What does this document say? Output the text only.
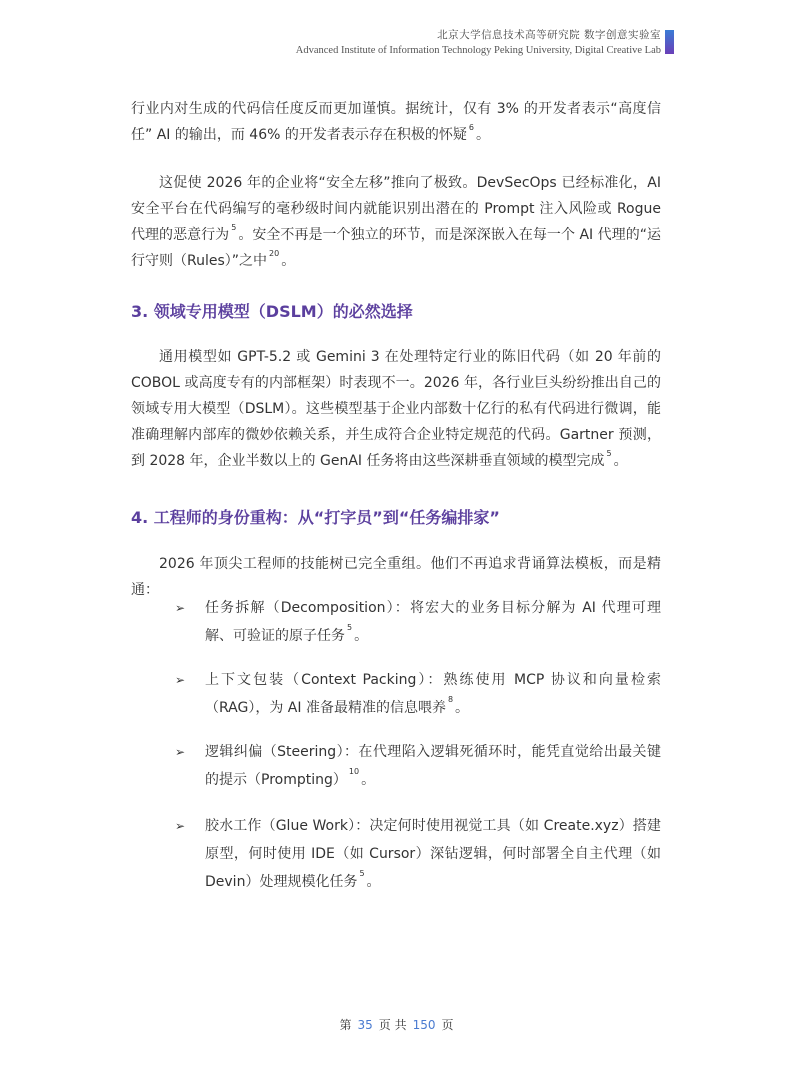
北京大学信息技术高等研究院 数字创意实验室
Advanced Institute of Information Technology Peking University, Digital Creative Lab

行业内对生成的代码信任度反而更加谨慎。据统计，仅有 3% 的开发者表示“高度信任” AI 的输出，而 46% 的开发者表示存在积极的怀疑 $^6$ 。

这促使 2026 年的企业将“安全左移”推向了极致。DevSecOps 已经标准化，AI 安全平台在代码编写的毫秒级时间内就能识别出潜在的 Prompt 注入风险或 Rogue 代理的恶意行为 $^5$ 。安全不再是一个独立的环节，而是深深嵌入在每一个 AI 代理的“运行守则（Rules）”之中 $^{20}$ 。

3. 领域专用模型（DSLM）的必然选择

通用模型如 GPT-5.2 或 Gemini 3 在处理特定行业的陈旧代码（如 20 年前的 COBOL 或高度专有的内部框架）时表现不一。2026 年，各行业巨头纷纷推出自己的领域专用大模型（DSLM）。这些模型基于企业内部数十亿行的私有代码进行微调，能准确理解内部库的微妙依赖关系，并生成符合企业特定规范的代码。Gartner 预测，到 2028 年，企业半数以上的 GenAI 任务将由这些深耕垂直领域的模型完成 $^5$ 。

4. 工程师的身份重构：从“打字员”到“任务编排家”

2026 年顶尖工程师的技能树已完全重组。他们不再追求背诵算法模板，而是精通：

➢ 任务拆解（Decomposition）：将宏大的业务目标分解为 AI 代理可理解、可验证的原子任务$^5$。
➢ 上下文包装（Context Packing）：熟练使用 MCP 协议和向量检索（RAG），为 AI 准备最精准的信息喂养$^8$。
➢ 逻辑纠偏（Steering）：在代理陷入逻辑死循环时，能凭直觉给出最关键的提示（Prompting）$^{10}$。
➢ 胶水工作（Glue Work）：决定何时使用视觉工具（如 Create.xyz）搭建原型，何时使用 IDE（如 Cursor）深钻逻辑，何时部署全自主代理（如 Devin）处理规模化任务$^5$。
第 35 页 共 150 页
